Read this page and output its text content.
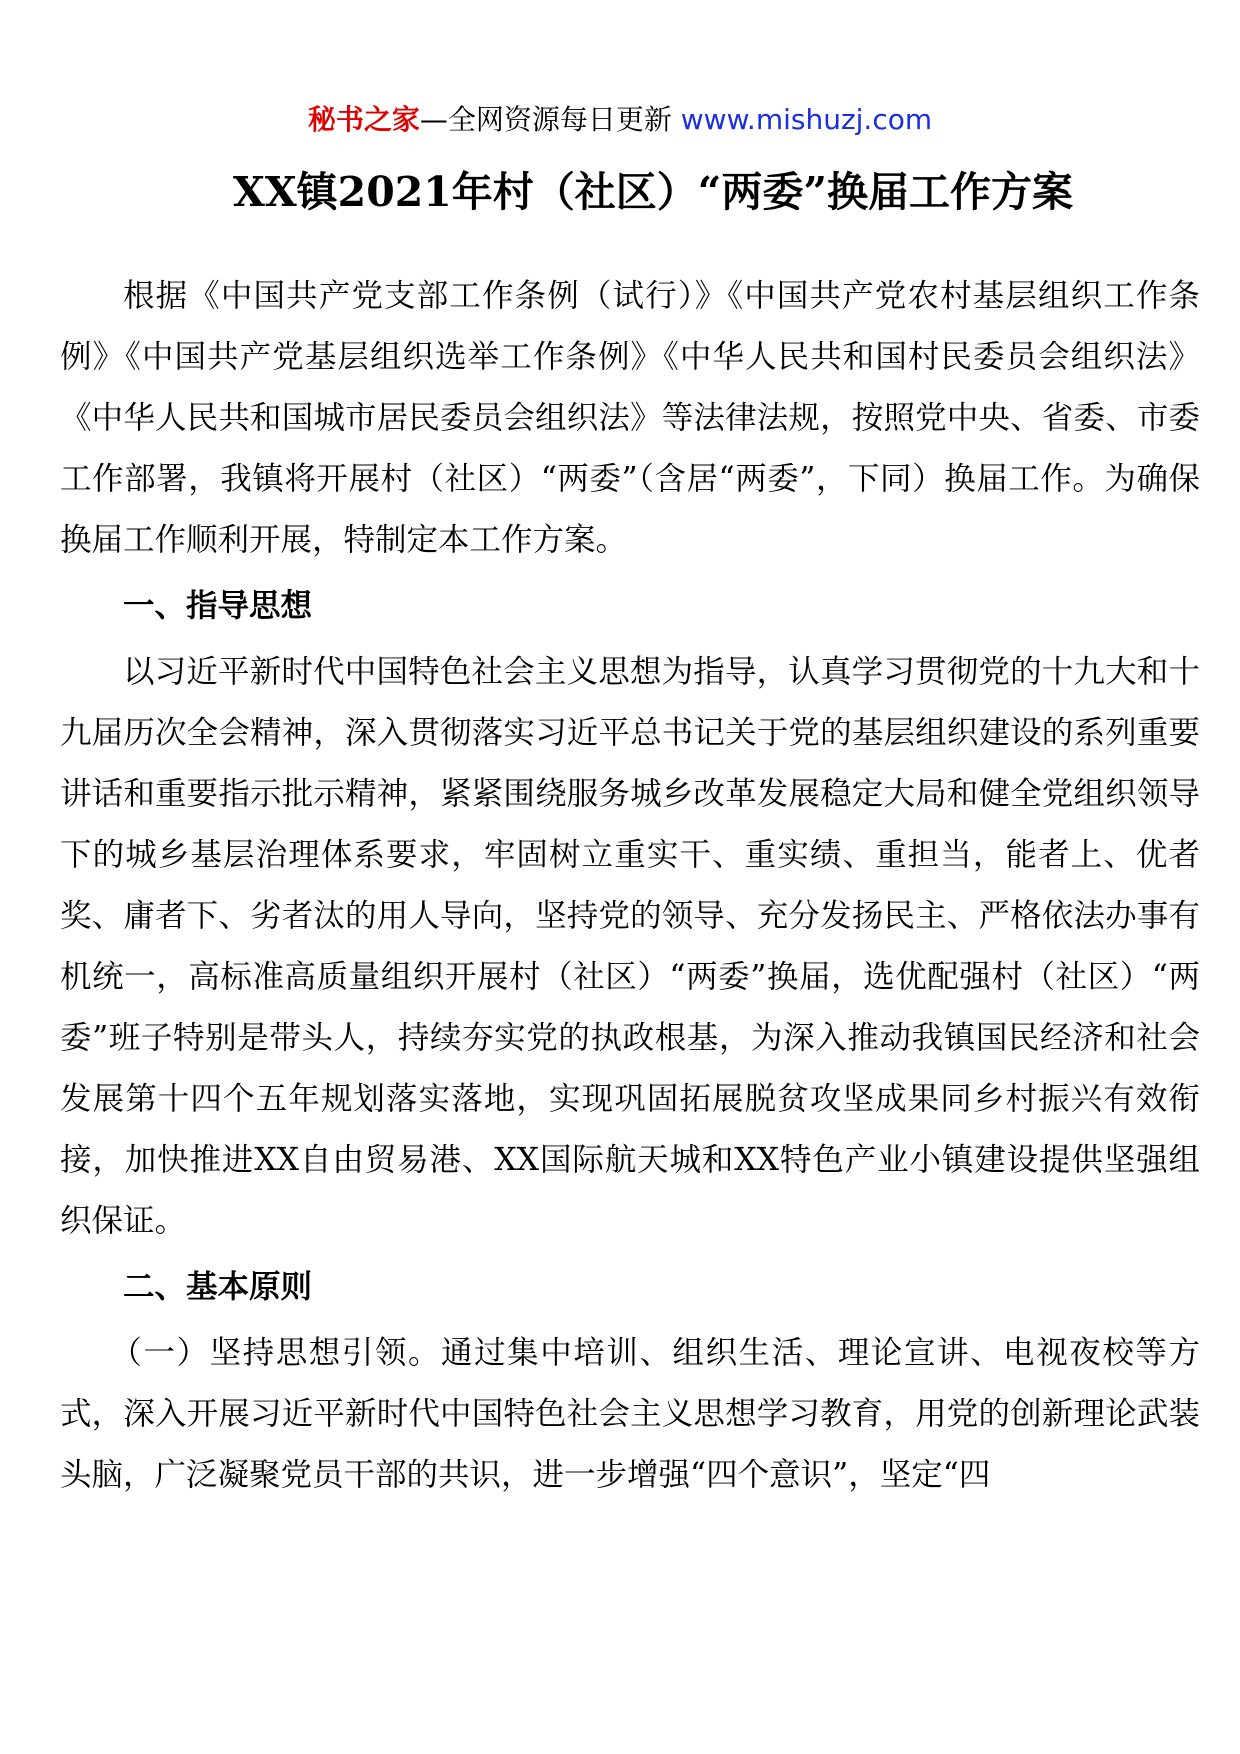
秘书之家—全网资源每日更新 www.mishuzj.com
XX镇2021年村（社区）“两委”换届工作方案

根据《中国共产党支部工作条例（试行）》《中国共产党农村基层组织工作条例》《中国共产党基层组织选举工作条例》《中华人民共和国村民委员会组织法》《中华人民共和国城市居民委员会组织法》等法律法规，按照党中央、省委、市委工作部署，我镇将开展村（社区）“两委”（含居“两委”，下同）换届工作。为确保换届工作顺利开展，特制定本工作方案。

一、指导思想

以习近平新时代中国特色社会主义思想为指导，认真学习贯彻党的十九大和十九届历次全会精神，深入贯彻落实习近平总书记关于党的基层组织建设的系列重要讲话和重要指示批示精神，紧紧围绕服务城乡改革发展稳定大局和健全党组织领导下的城乡基层治理体系要求，牢固树立重实干、重实绩、重担当，能者上、优者奖、庸者下、劣者汰的用人导向，坚持党的领导、充分发扬民主、严格依法办事有机统一，高标准高质量组织开展村（社区）“两委”换届，选优配强村（社区）“两委”班子特别是带头人，持续夯实党的执政根基，为深入推动我镇国民经济和社会发展第十四个五年规划落实落地，实现巩固拓展脱贫攻坚成果同乡村振兴有效衔接，加快推进XX自由贸易港、XX国际航天城和XX特色产业小镇建设提供坚强组织保证。

二、基本原则

（一）坚持思想引领。通过集中培训、组织生活、理论宣讲、电视夜校等方式，深入开展习近平新时代中国特色社会主义思想学习教育，用党的创新理论武装头脑，广泛凝聚党员干部的共识，进一步增强“四个意识”，坚定“四
